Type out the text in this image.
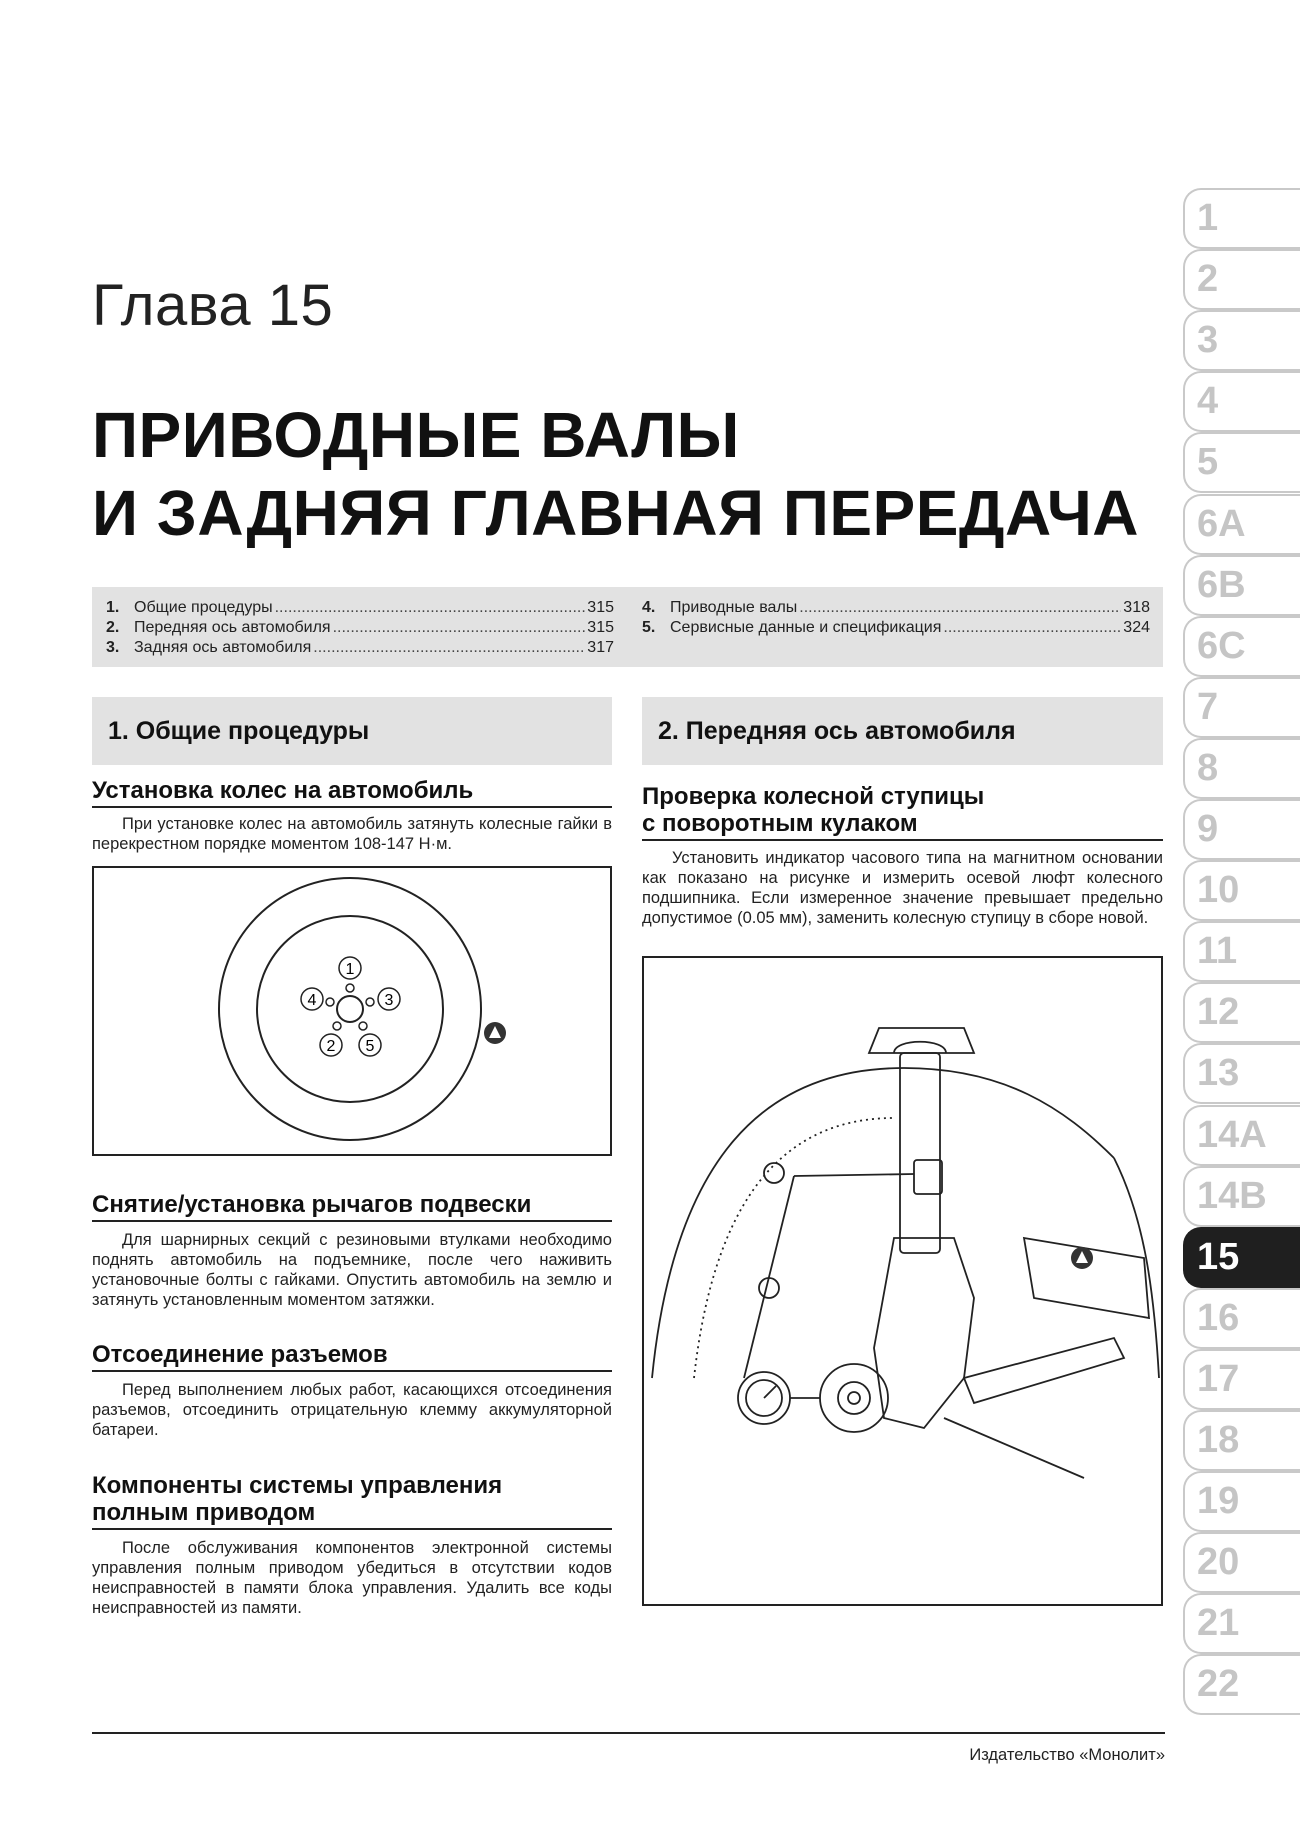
Глава 15
ПРИВОДНЫЕ ВАЛЫ
И ЗАДНЯЯ ГЛАВНАЯ ПЕРЕДАЧА
1. Общие процедуры .....	315
2. Передняя ось автомобиля .....	315
3. Задняя ось автомобиля .....	317
4. Приводные валы .....	318
5. Сервисные данные и спецификация .....	324
1. Общие процедуры	2. Передняя ось автомобиля
Установка колес на автомобиль
При установке колес на автомобиль затянуть колесные гайки в перекрестном порядке моментом 108-147 Н·м.
1
2
3
4
5
Снятие/установка рычагов подвески
Для шарнирных секций с резиновыми втулками необходимо поднять автомобиль на подъемнике, после чего наживить установочные болты с гайками. Опустить автомобиль на землю и затянуть установленным моментом затяжки.
Отсоединение разъемов
Перед выполнением любых работ, касающихся отсоединения разъемов, отсоединить отрицательную клемму аккумуляторной батареи.
Компоненты системы управления
полным приводом
После обслуживания компонентов электронной системы управления полным приводом убедиться в отсутствии кодов неисправностей в памяти блока управления. Удалить все коды неисправностей из памяти.
Проверка колесной ступицы
с поворотным кулаком
Установить индикатор часового типа на магнитном основании как показано на рисунке и измерить осевой люфт колесного подшипника. Если измеренное значение превышает предельно допустимое (0.05 мм), заменить колесную ступицу в сборе новой.
1
2
3
4
5
6A
6B
6C
7
8
9
10
11
12
13
14A
14B
15
16
17
18
19
20
21
22
Издательство «Монолит»
